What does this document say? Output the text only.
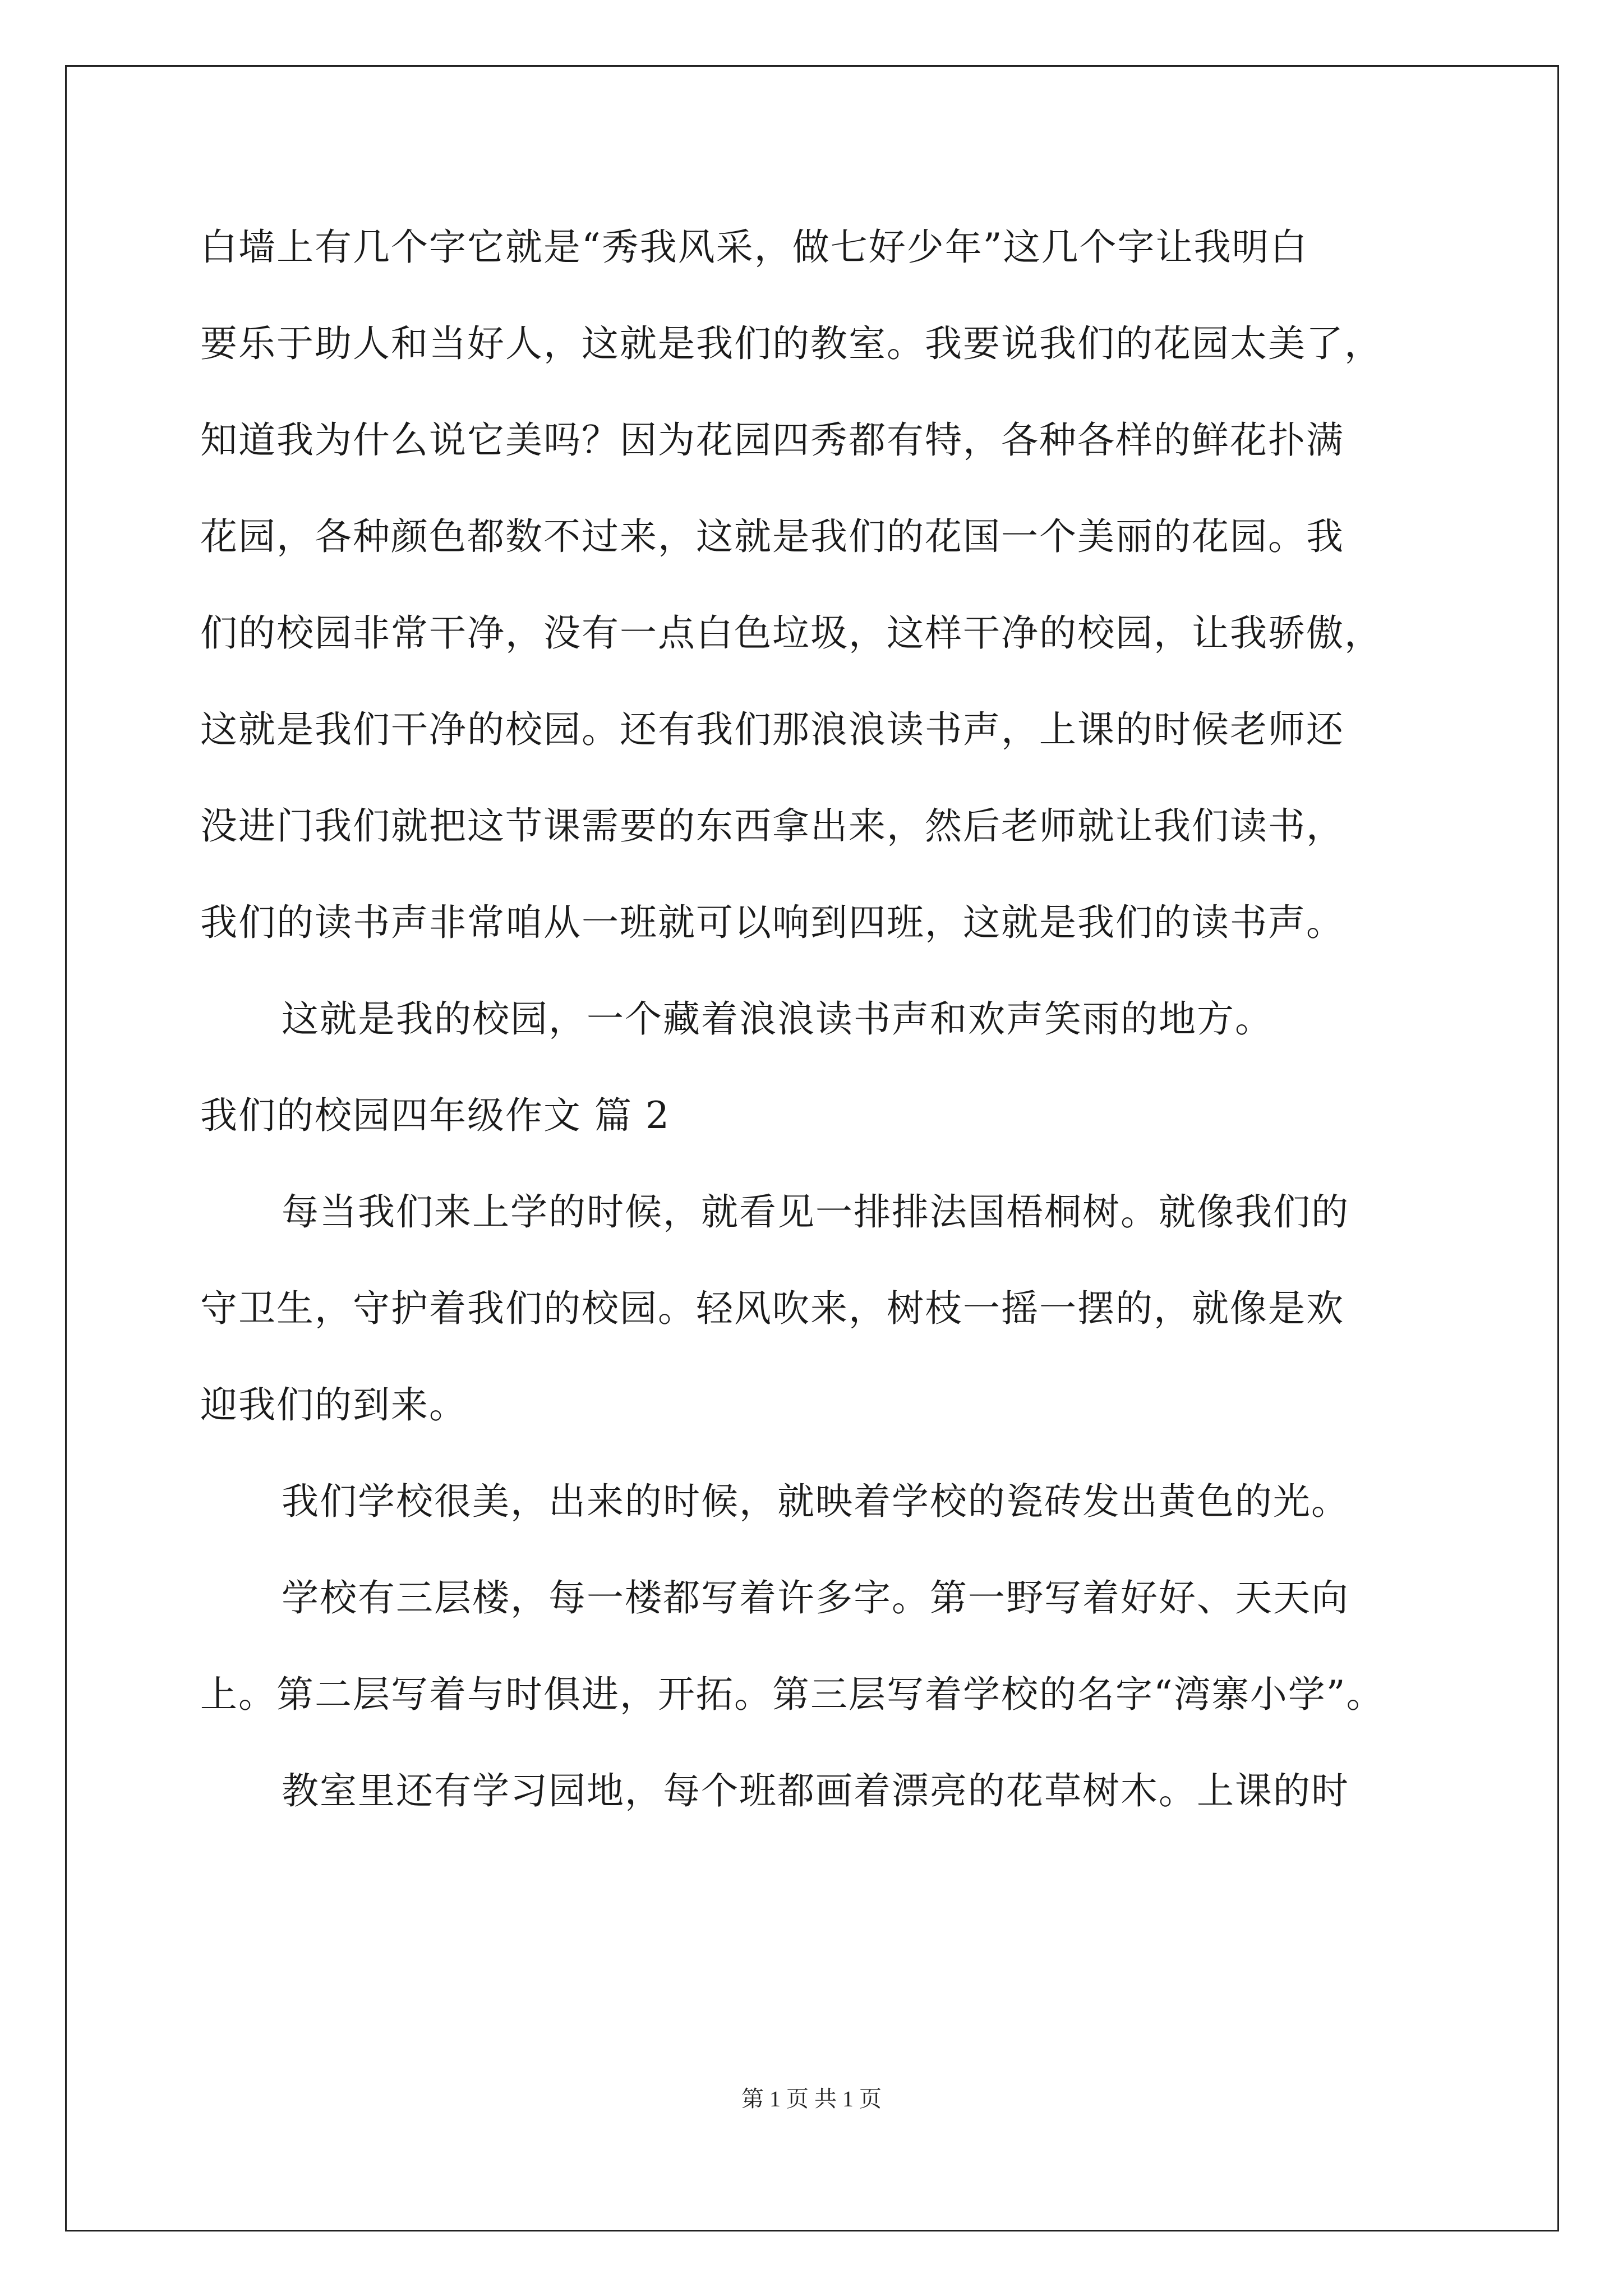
白墙上有几个字它就是“秀我风采，做七好少年”这几个字让我明白
要乐于助人和当好人，这就是我们的教室。我要说我们的花园太美了，
知道我为什么说它美吗？因为花园四秀都有特，各种各样的鲜花扑满
花园，各种颜色都数不过来，这就是我们的花国一个美丽的花园。我
们的校园非常干净，没有一点白色垃圾，这样干净的校园，让我骄傲，
这就是我们干净的校园。还有我们那浪浪读书声，上课的时候老师还
没进门我们就把这节课需要的东西拿出来，然后老师就让我们读书，
我们的读书声非常咱从一班就可以响到四班，这就是我们的读书声。
这就是我的校园，一个藏着浪浪读书声和欢声笑雨的地方。
我们的校园四年级作文 篇 2
每当我们来上学的时候，就看见一排排法国梧桐树。就像我们的
守卫生，守护着我们的校园。轻风吹来，树枝一摇一摆的，就像是欢
迎我们的到来。
我们学校很美，出来的时候，就映着学校的瓷砖发出黄色的光。
学校有三层楼，每一楼都写着许多字。第一野写着好好、天天向
上。第二层写着与时俱进，开拓。第三层写着学校的名字“湾寨小学”。
教室里还有学习园地，每个班都画着漂亮的花草树木。上课的时
第 1 页 共 1 页
